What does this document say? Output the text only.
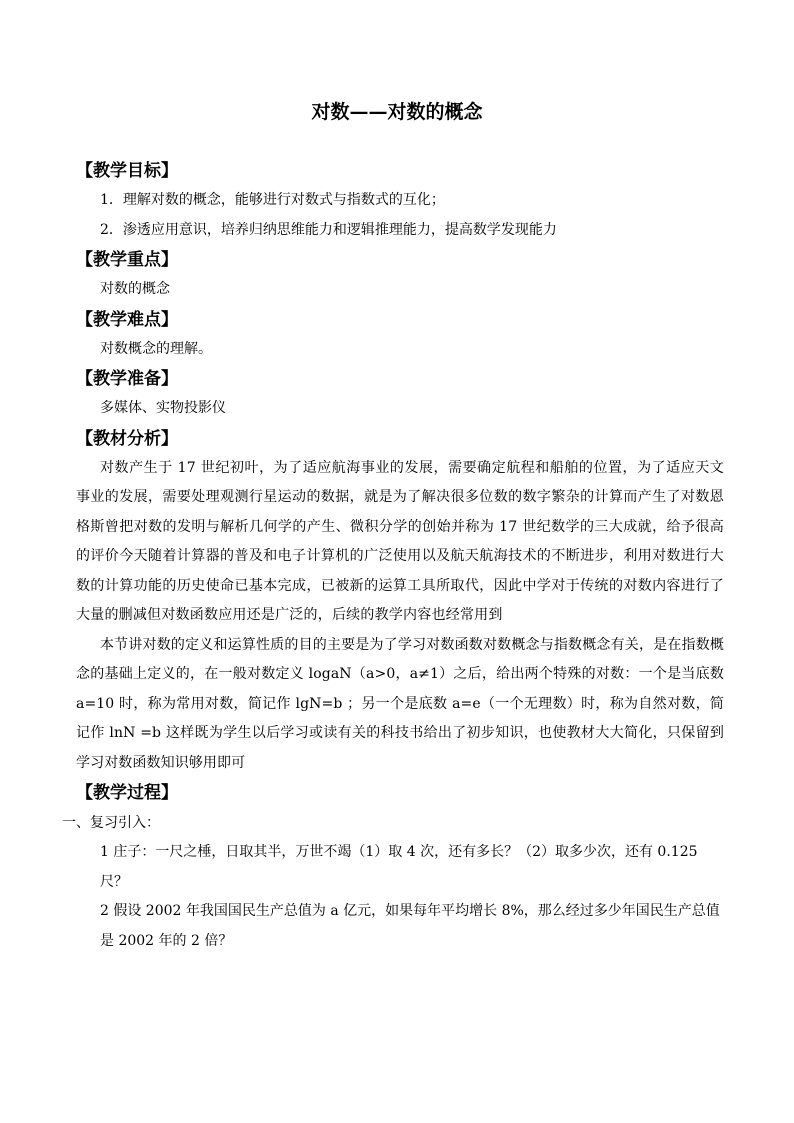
对数——对数的概念
【教学目标】
1．理解对数的概念，能够进行对数式与指数式的互化；
2．渗透应用意识，培养归纳思维能力和逻辑推理能力，提高数学发现能力
【教学重点】
对数的概念
【教学难点】
对数概念的理解。
【教学准备】
多媒体、实物投影仪
【教材分析】

对数产生于 17 世纪初叶，为了适应航海事业的发展，需要确定航程和船舶的位置，为了适应天文事业的发展，需要处理观测行星运动的数据，就是为了解决很多位数的数字繁杂的计算而产生了对数恩格斯曾把对数的发明与解析几何学的产生、微积分学的创始并称为 17 世纪数学的三大成就，给予很高的评价今天随着计算器的普及和电子计算机的广泛使用以及航天航海技术的不断进步，利用对数进行大数的计算功能的历史使命已基本完成，已被新的运算工具所取代，因此中学对于传统的对数内容进行了大量的删减但对数函数应用还是广泛的，后续的教学内容也经常用到

本节讲对数的定义和运算性质的目的主要是为了学习对数函数对数概念与指数概念有关，是在指数概念的基础上定义的，在一般对数定义 logaN（a>0，a≠1）之后，给出两个特殊的对数：一个是当底数 a=10 时，称为常用对数，简记作 lgN=b ；另一个是底数 a=e（一个无理数）时，称为自然对数，简记作 lnN =b 这样既为学生以后学习或读有关的科技书给出了初步知识，也使教材大大简化，只保留到学习对数函数知识够用即可

【教学过程】
一、复习引入：
1 庄子：一尺之棰，日取其半，万世不竭（1）取 4 次，还有多长？（2）取多少次，还有 0.125 尺？
2 假设 2002 年我国国民生产总值为 a 亿元，如果每年平均增长 8%，那么经过多少年国民生产总值是 2002 年的 2 倍？
